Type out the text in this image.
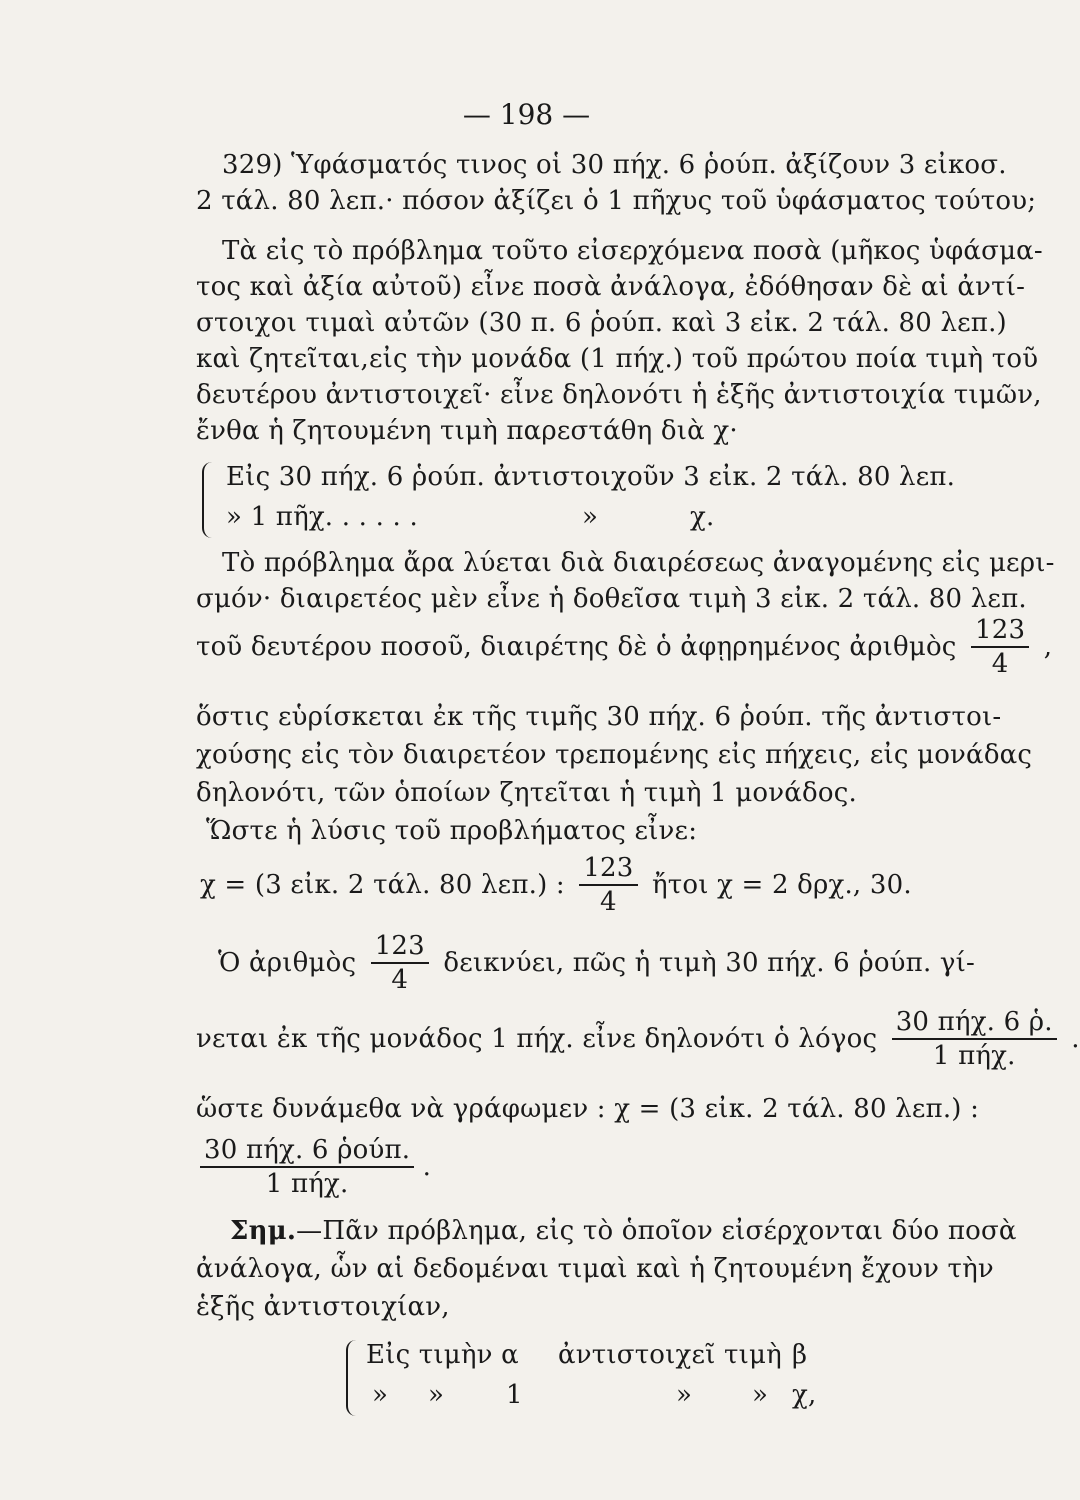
— 198 —
329) Ὑφάσματός τινος οἱ 30 πήχ. 6 ῥούπ. ἀξίζουν 3 εἰκοσ.
2 τάλ. 80 λεπ.· πόσον ἀξίζει ὁ 1 πῆχυς τοῦ ὑφάσματος τούτου;
Τὰ εἰς τὸ πρόβλημα τοῦτο εἰσερχόμενα ποσὰ (μῆκος ὑφάσμα-
τος καὶ ἀξία αὐτοῦ) εἶνε ποσὰ ἀνάλογα, ἐδόθησαν δὲ αἱ ἀντί-
στοιχοι τιμαὶ αὐτῶν (30 π. 6 ῥούπ. καὶ 3 εἰκ. 2 τάλ. 80 λεπ.)
καὶ ζητεῖται,εἰς τὴν μονάδα (1 πήχ.) τοῦ πρώτου ποία τιμὴ τοῦ
δευτέρου ἀντιστοιχεῖ· εἶνε δηλονότι ἡ ἑξῆς ἀντιστοιχία τιμῶν,
ἔνθα ἡ ζητουμένη τιμὴ παρεστάθη διὰ χ·
Εἰς 30 πήχ. 6 ῥούπ. ἀντιστοιχοῦν 3 εἰκ. 2 τάλ. 80 λεπ.
» 1 πῆχ. . . . . .	»	χ.
Τὸ πρόβλημα ἄρα λύεται διὰ διαιρέσεως ἀναγομένης εἰς μερι-
σμόν· διαιρετέος μὲν εἶνε ἡ δοθεῖσα τιμὴ 3 εἰκ. 2 τάλ. 80 λεπ.
τοῦ δευτέρου ποσοῦ, διαιρέτης δὲ ὁ ἀφῃρημένος ἀριθμὸς $\frac{123}{4}$ ,
ὅστις εὑρίσκεται ἐκ τῆς τιμῆς 30 πήχ. 6 ῥούπ. τῆς ἀντιστοι-
χούσης εἰς τὸν διαιρετέον τρεπομένης εἰς πήχεις, εἰς μονάδας
δηλονότι, τῶν ὁποίων ζητεῖται ἡ τιμὴ 1 μονάδος.
Ὥστε ἡ λύσις τοῦ προβλήματος εἶνε:
χ = (3 εἰκ. 2 τάλ. 80 λεπ.) : $\frac{123}{4}$ ἤτοι χ = 2 δρχ., 30.
Ὁ ἀριθμὸς $\frac{123}{4} \delta\varepsilon\iota\kappa\nu ύ\varepsilon\iota$, πῶς ἡ τιμὴ 30 πήχ. 6 ῥούπ. γί-
νεται ἐκ τῆς μονάδος 1 πήχ. εἶνε δηλονότι ὁ λόγος $\frac{\text{30 πήχ. 6 ῥ.}}{\text{1 πήχ.}}$ .
ὥστε δυνάμεθα νὰ γράφωμεν : χ = (3 εἰκ. 2 τάλ. 80 λεπ.) :
$\frac{\text{30 πήχ. 6 ῥούπ.}}{\text{1 πήχ.}}$ .
Σημ.—Πᾶν πρόβλημα, εἰς τὸ ὁποῖον εἰσέρχονται δύο ποσὰ
ἀνάλογα, ὧν αἱ δεδομέναι τιμαὶ καὶ ἡ ζητουμένη ἔχουν τὴν
ἑξῆς ἀντιστοιχίαν,
Εἰς τιμὴν α ἀντιστοιχεῖ τιμὴ β
» » 1	» » χ,
